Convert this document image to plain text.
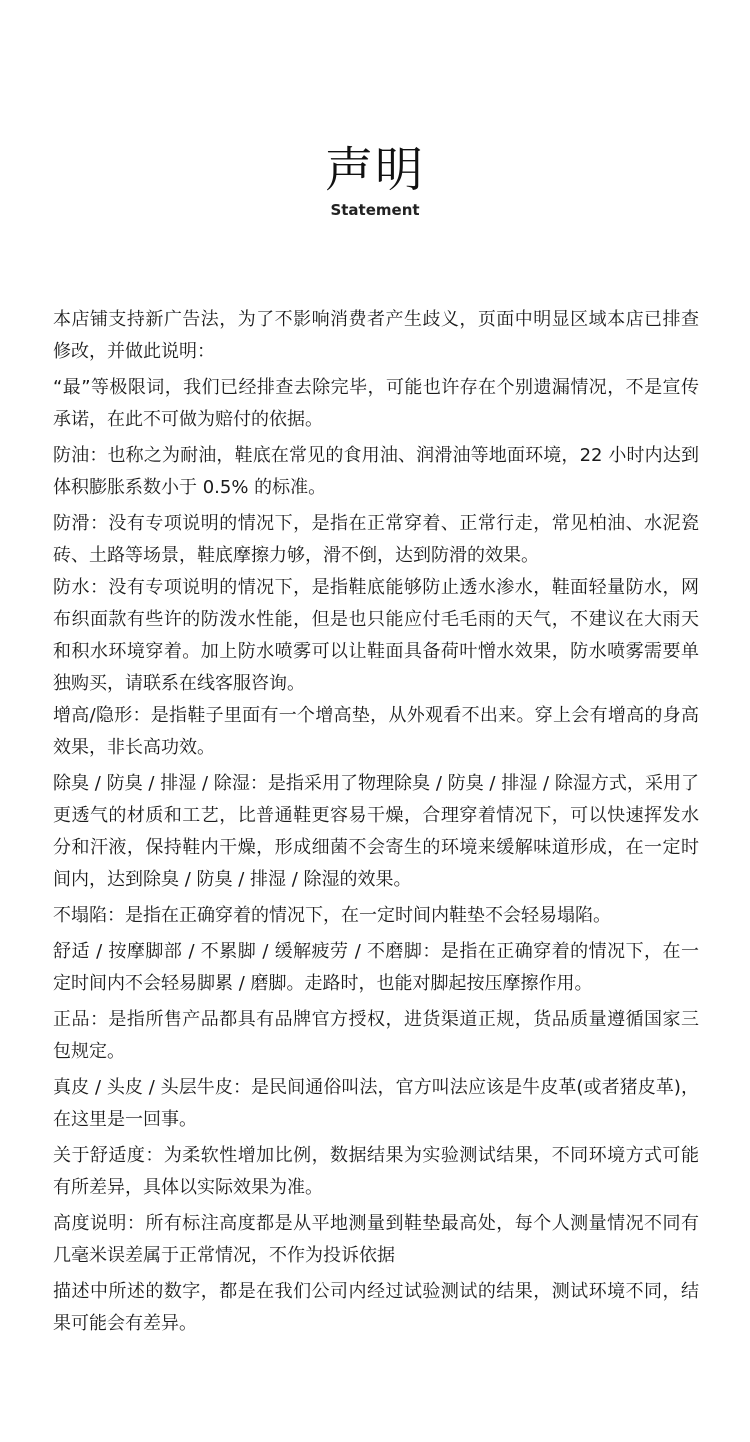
声明
Statement

本店铺支持新广告法，为了不影响消费者产生歧义，页面中明显区域本店已排查修改，并做此说明：

“最”等极限词，我们已经排查去除完毕，可能也许存在个别遗漏情况，不是宣传承诺，在此不可做为赔付的依据。

防油：也称之为耐油，鞋底在常见的食用油、润滑油等地面环境，22 小时内达到体积膨胀系数小于 0.5% 的标准。

防滑：没有专项说明的情况下，是指在正常穿着、正常行走，常见柏油、水泥瓷砖、土路等场景，鞋底摩擦力够，滑不倒，达到防滑的效果。

防水：没有专项说明的情况下，是指鞋底能够防止透水渗水，鞋面轻量防水，网布织面款有些许的防泼水性能，但是也只能应付毛毛雨的天气，不建议在大雨天和积水环境穿着。加上防水喷雾可以让鞋面具备荷叶憎水效果，防水喷雾需要单独购买，请联系在线客服咨询。

增高/隐形：是指鞋子里面有一个增高垫，从外观看不出来。穿上会有增高的身高效果，非长高功效。

除臭 / 防臭 / 排湿 / 除湿：是指采用了物理除臭 / 防臭 / 排湿 / 除湿方式，采用了更透气的材质和工艺，比普通鞋更容易干燥，合理穿着情况下，可以快速挥发水分和汗液，保持鞋内干燥，形成细菌不会寄生的环境来缓解味道形成，在一定时间内，达到除臭 / 防臭 / 排湿 / 除湿的效果。

不塌陷：是指在正确穿着的情况下，在一定时间内鞋垫不会轻易塌陷。

舒适 / 按摩脚部 / 不累脚 / 缓解疲劳 / 不磨脚：是指在正确穿着的情况下，在一定时间内不会轻易脚累 / 磨脚。走路时，也能对脚起按压摩擦作用。

正品：是指所售产品都具有品牌官方授权，进货渠道正规，货品质量遵循国家三包规定。

真皮 / 头皮 / 头层牛皮：是民间通俗叫法，官方叫法应该是牛皮革(或者猪皮革)，在这里是一回事。

关于舒适度：为柔软性增加比例，数据结果为实验测试结果，不同环境方式可能有所差异，具体以实际效果为准。

高度说明：所有标注高度都是从平地测量到鞋垫最高处，每个人测量情况不同有几毫米误差属于正常情况，不作为投诉依据

描述中所述的数字，都是在我们公司内经过试验测试的结果，测试环境不同，结果可能会有差异。
